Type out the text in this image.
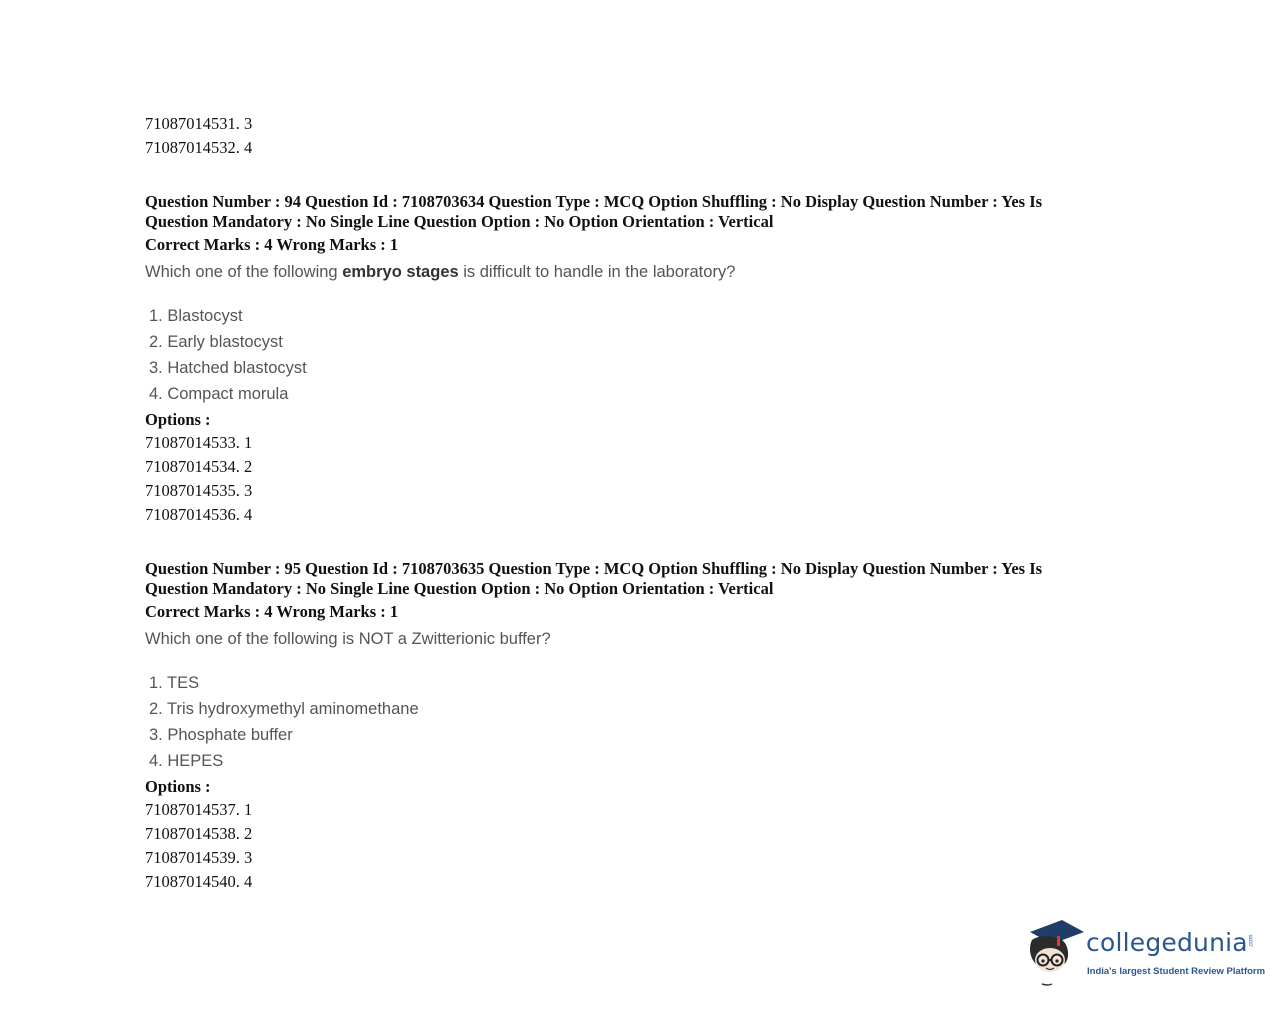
71087014531. 3
71087014532. 4
Question Number : 94 Question Id : 7108703634 Question Type : MCQ Option Shuffling : No Display Question Number : Yes Is
Question Mandatory : No Single Line Question Option : No Option Orientation : Vertical
Correct Marks : 4 Wrong Marks : 1
Which one of the following embryo stages is difficult to handle in the laboratory?
1. Blastocyst
2. Early blastocyst
3. Hatched blastocyst
4. Compact morula
Options :
71087014533. 1
71087014534. 2
71087014535. 3
71087014536. 4
Question Number : 95 Question Id : 7108703635 Question Type : MCQ Option Shuffling : No Display Question Number : Yes Is
Question Mandatory : No Single Line Question Option : No Option Orientation : Vertical
Correct Marks : 4 Wrong Marks : 1
Which one of the following is NOT a Zwitterionic buffer?
1. TES
2. Tris hydroxymethyl aminomethane
3. Phosphate buffer
4. HEPES
Options :
71087014537. 1
71087014538. 2
71087014539. 3
71087014540. 4
collegedunia .com
India's largest Student Review Platform
